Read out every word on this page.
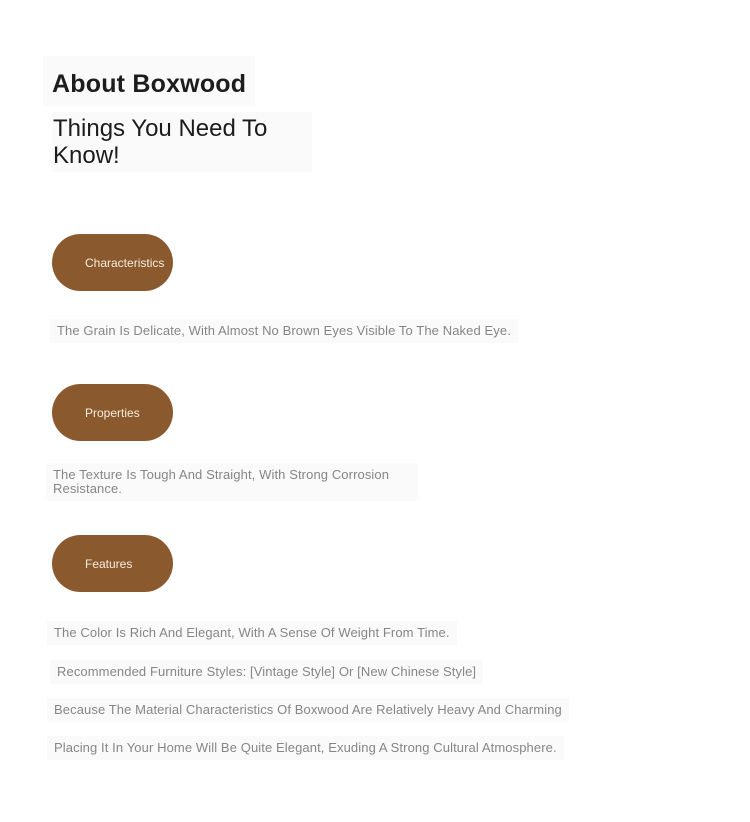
About Boxwood
Things You Need To Know!
Characteristics

The Grain Is Delicate, With Almost No Brown Eyes Visible To The Naked Eye.

Properties

The Texture Is Tough And Straight, With Strong Corrosion Resistance.

Features

The Color Is Rich And Elegant, With A Sense Of Weight From Time.

Recommended Furniture Styles: [Vintage Style] Or [New Chinese Style]

Because The Material Characteristics Of Boxwood Are Relatively Heavy And Charming

Placing It In Your Home Will Be Quite Elegant, Exuding A Strong Cultural Atmosphere.
